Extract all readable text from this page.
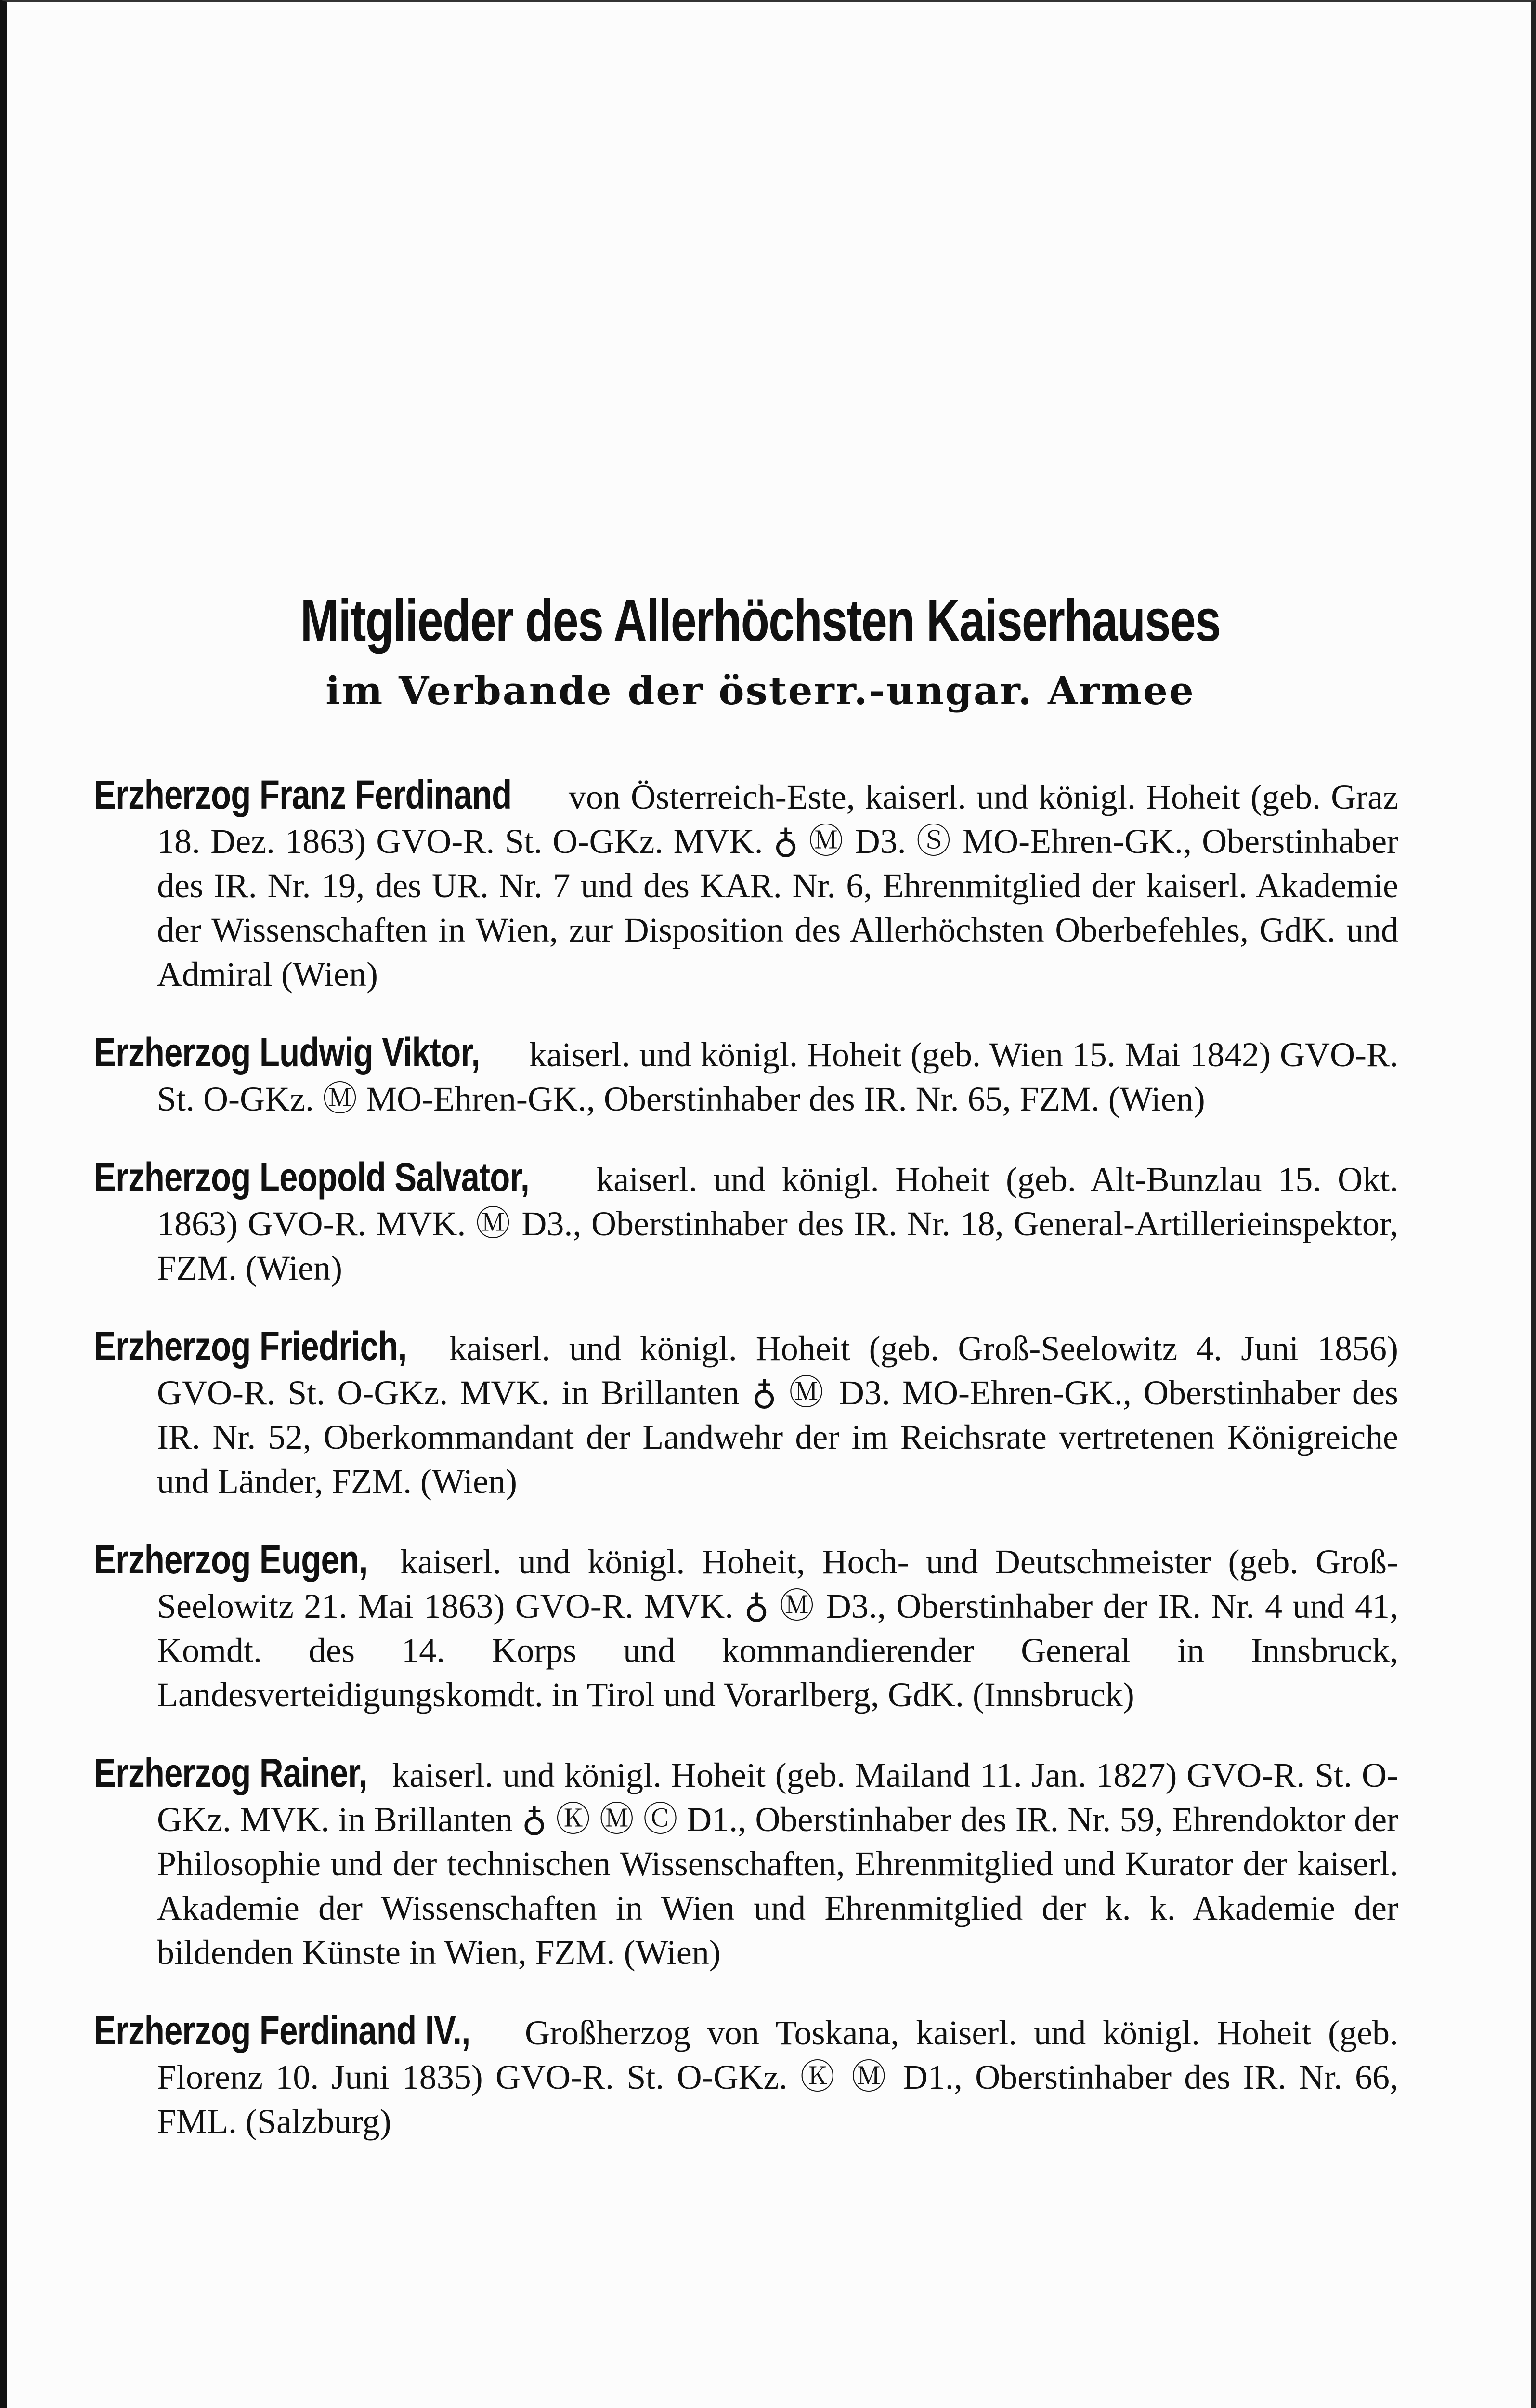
Mitglieder des Allerhöchsten Kaiserhauses
im Verbande der österr.-ungar. Armee

Erzherzog Franz Ferdinand von Österreich-Este, kaiserl. und königl. Hoheit (geb. Graz 18. Dez. 1863) GVO-R. St. O-GKz. MVK. ♁ Ⓜ D3. Ⓢ MO-Ehren-GK., Oberstinhaber des IR. Nr. 19, des UR. Nr. 7 und des KAR. Nr. 6, Ehrenmitglied der kaiserl. Akademie der Wissenschaften in Wien, zur Disposition des Allerhöchsten Oberbefehles, GdK. und Admiral (Wien)

Erzherzog Ludwig Viktor, kaiserl. und königl. Hoheit (geb. Wien 15. Mai 1842) GVO-R. St. O-GKz. Ⓜ MO-Ehren-GK., Oberstinhaber des IR. Nr. 65, FZM. (Wien)

Erzherzog Leopold Salvator, kaiserl. und königl. Hoheit (geb. Alt-Bunzlau 15. Okt. 1863) GVO-R. MVK. Ⓜ D3., Oberstinhaber des IR. Nr. 18, General-Artillerieinspektor, FZM. (Wien)

Erzherzog Friedrich, kaiserl. und königl. Hoheit (geb. Groß-Seelowitz 4. Juni 1856) GVO-R. St. O-GKz. MVK. in Brillanten ♁ Ⓜ D3. MO-Ehren-GK., Oberstinhaber des IR. Nr. 52, Oberkommandant der Landwehr der im Reichsrate vertretenen Königreiche und Länder, FZM. (Wien)

Erzherzog Eugen, kaiserl. und königl. Hoheit, Hoch- und Deutschmeister (geb. Groß-Seelowitz 21. Mai 1863) GVO-R. MVK. ♁ Ⓜ D3., Oberstinhaber der IR. Nr. 4 und 41, Komdt. des 14. Korps und kommandierender General in Innsbruck, Landesverteidigungskomdt. in Tirol und Vorarlberg, GdK. (Innsbruck)

Erzherzog Rainer, kaiserl. und königl. Hoheit (geb. Mailand 11. Jan. 1827) GVO-R. St. O-GKz. MVK. in Brillanten ♁ Ⓚ Ⓜ Ⓒ D1., Oberstinhaber des IR. Nr. 59, Ehrendoktor der Philosophie und der technischen Wissenschaften, Ehrenmitglied und Kurator der kaiserl. Akademie der Wissenschaften in Wien und Ehrenmitglied der k. k. Akademie der bildenden Künste in Wien, FZM. (Wien)

Erzherzog Ferdinand IV., Großherzog von Toskana, kaiserl. und königl. Hoheit (geb. Florenz 10. Juni 1835) GVO-R. St. O-GKz. Ⓚ Ⓜ D1., Oberstinhaber des IR. Nr. 66, FML. (Salzburg)
